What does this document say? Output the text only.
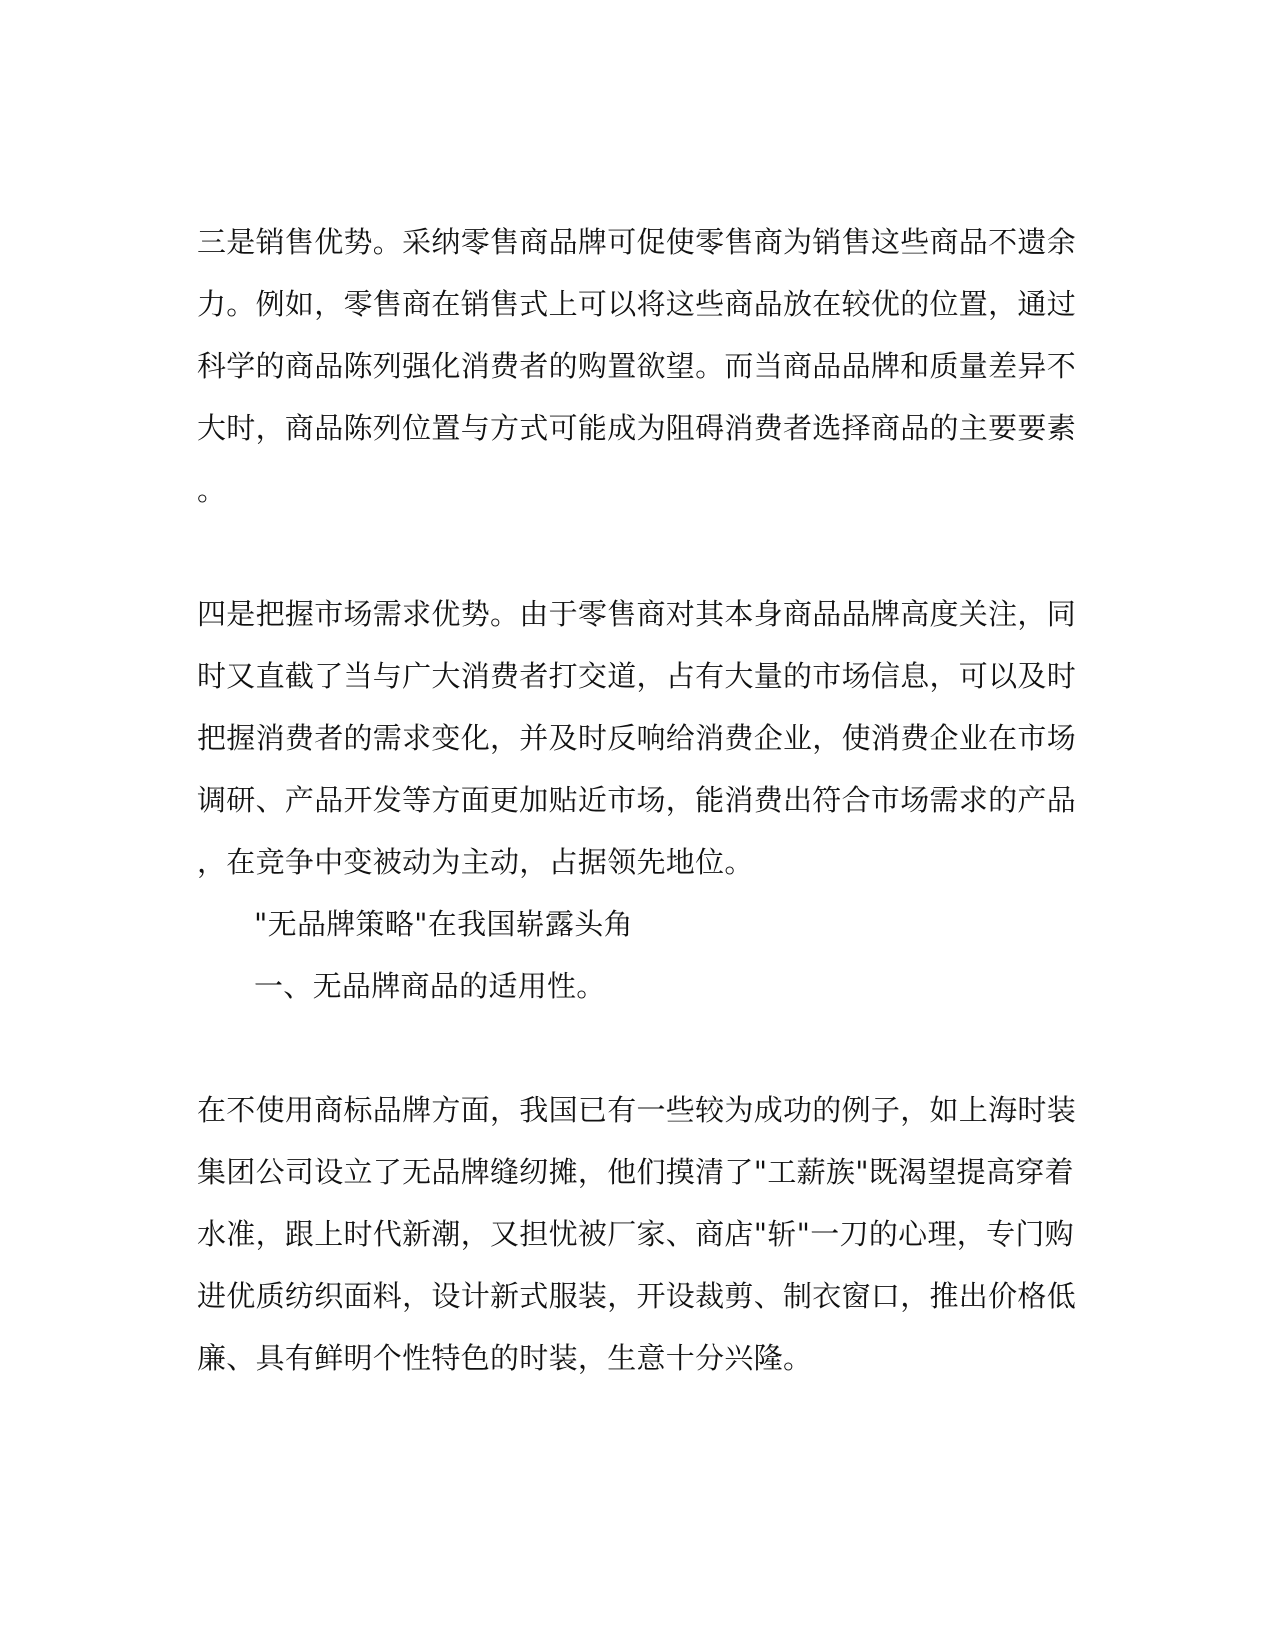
三是销售优势。采纳零售商品牌可促使零售商为销售这些商品不遗余
力。例如，零售商在销售式上可以将这些商品放在较优的位置，通过
科学的商品陈列强化消费者的购置欲望。而当商品品牌和质量差异不
大时，商品陈列位置与方式可能成为阻碍消费者选择商品的主要要素
。
四是把握市场需求优势。由于零售商对其本身商品品牌高度关注，同
时又直截了当与广大消费者打交道，占有大量的市场信息，可以及时
把握消费者的需求变化，并及时反响给消费企业，使消费企业在市场
调研、产品开发等方面更加贴近市场，能消费出符合市场需求的产品
，在竞争中变被动为主动，占据领先地位。
"无品牌策略"在我国崭露头角
一、无品牌商品的适用性。
在不使用商标品牌方面，我国已有一些较为成功的例子，如上海时装
集团公司设立了无品牌缝纫摊，他们摸清了"工薪族"既渴望提高穿着
水准，跟上时代新潮，又担忧被厂家、商店"斩"一刀的心理，专门购
进优质纺织面料，设计新式服装，开设裁剪、制衣窗口，推出价格低
廉、具有鲜明个性特色的时装，生意十分兴隆。
